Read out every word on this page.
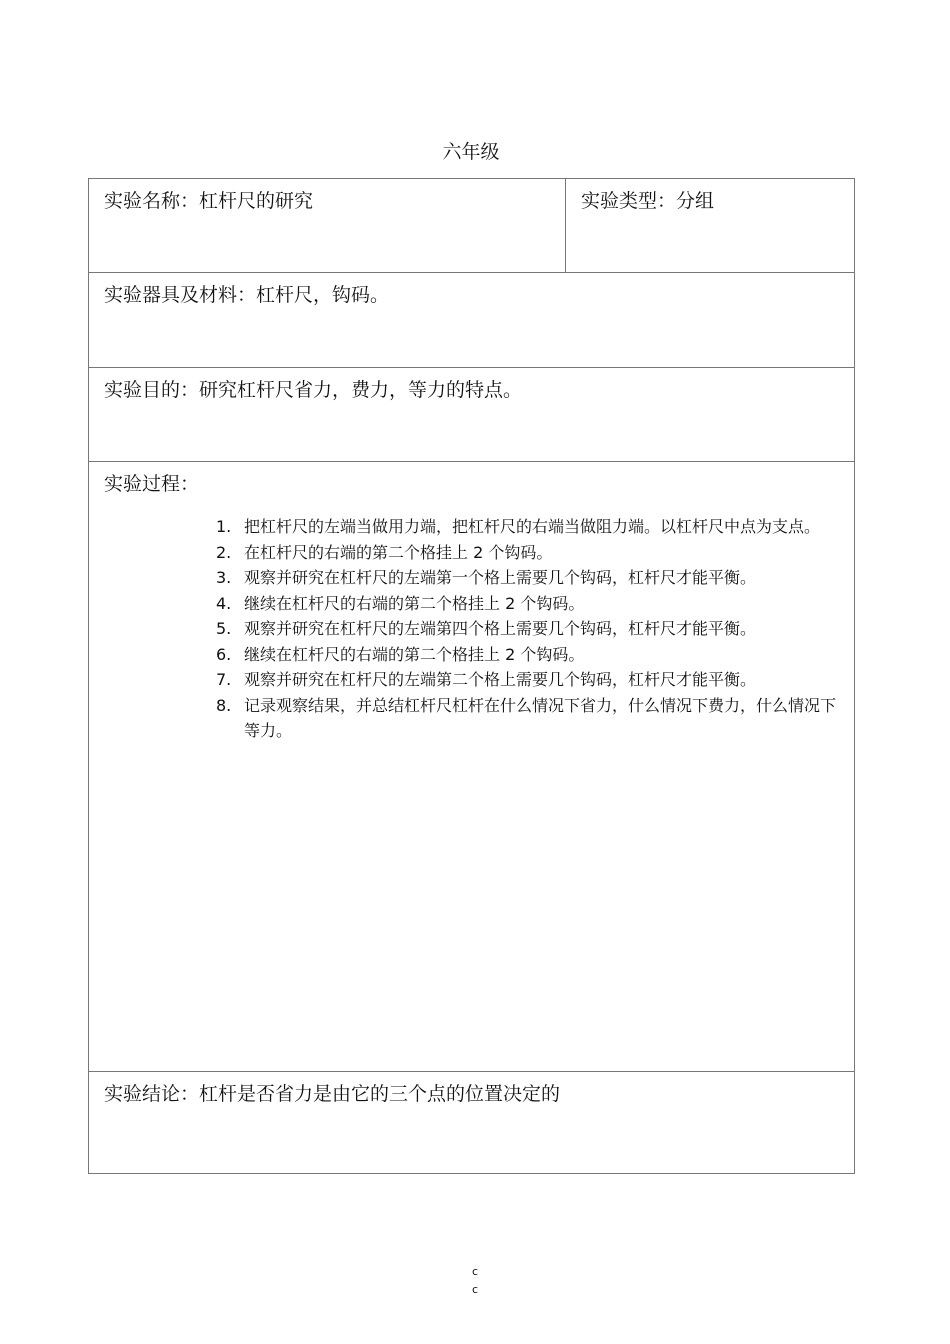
六年级
实验名称：杠杆尺的研究	实验类型：分组
实验器具及材料：杠杆尺，钩码。
实验目的：研究杠杆尺省力，费力，等力的特点。

实验过程：
1. 把杠杆尺的左端当做用力端，把杠杆尺的右端当做阻力端。以杠杆尺中点为支点。
2. 在杠杆尺的右端的第二个格挂上 2 个钩码。
3. 观察并研究在杠杆尺的左端第一个格上需要几个钩码，杠杆尺才能平衡。
4. 继续在杠杆尺的右端的第二个格挂上 2 个钩码。
5. 观察并研究在杠杆尺的左端第四个格上需要几个钩码，杠杆尺才能平衡。
6. 继续在杠杆尺的右端的第二个格挂上 2 个钩码。
7. 观察并研究在杠杆尺的左端第二个格上需要几个钩码，杠杆尺才能平衡。
8. 记录观察结果，并总结杠杆尺杠杆在什么情况下省力，什么情况下费力，什么情况下等力。

实验结论：杠杆是否省力是由它的三个点的位置决定的
c
c
